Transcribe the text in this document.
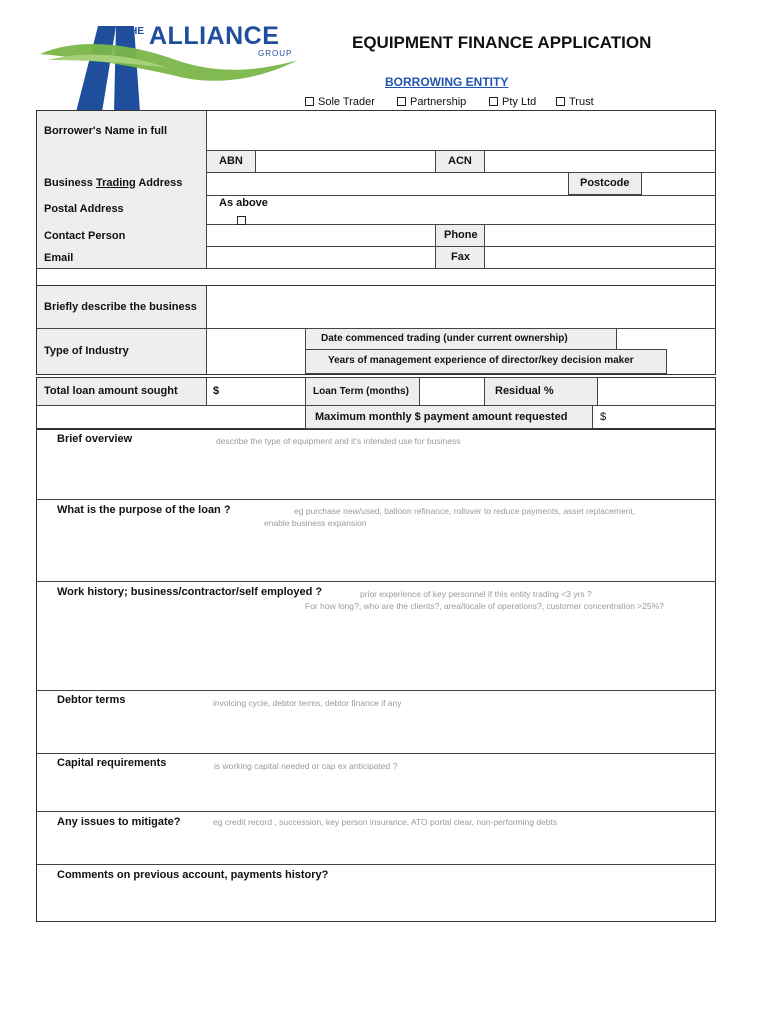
THE ALLIANCE
GROUP
EQUIPMENT FINANCE APPLICATION
BORROWING ENTITY
Sole Trader	Partnership	Pty Ltd	Trust
Borrower's Name in full
ABN	ACN
Business Trading Address	Postcode
Postal Address	As above
Contact Person	Phone
Email	Fax
Briefly describe the business
Type of Industry
Date commenced trading (under current ownership)
Years of management experience of director/key decision maker
Total loan amount sought	$	Loan Term (months)	Residual %
Maximum monthly $ payment amount requested	$
Brief overview	describe the type of equipment and it's intended use for business
What is the purpose of the loan ?	eg purchase new/used, balloon refinance, rollover to reduce payments, asset replacement,
enable business expansion
Work history; business/contractor/self employed ?	prior experience of key personnel if this entity trading <3 yrs ?
For how long?, who are the clients?, area/locale of operations?, customer concentration >25%?
Debtor terms	invoicing cycle, debtor terms, debtor finance if any
Capital requirements	is working capital needed or cap ex anticipated ?
Any issues to mitigate?	eg credit record , succession, key person insurance, ATO portal clear, non-performing debts
Comments on previous account, payments history?
